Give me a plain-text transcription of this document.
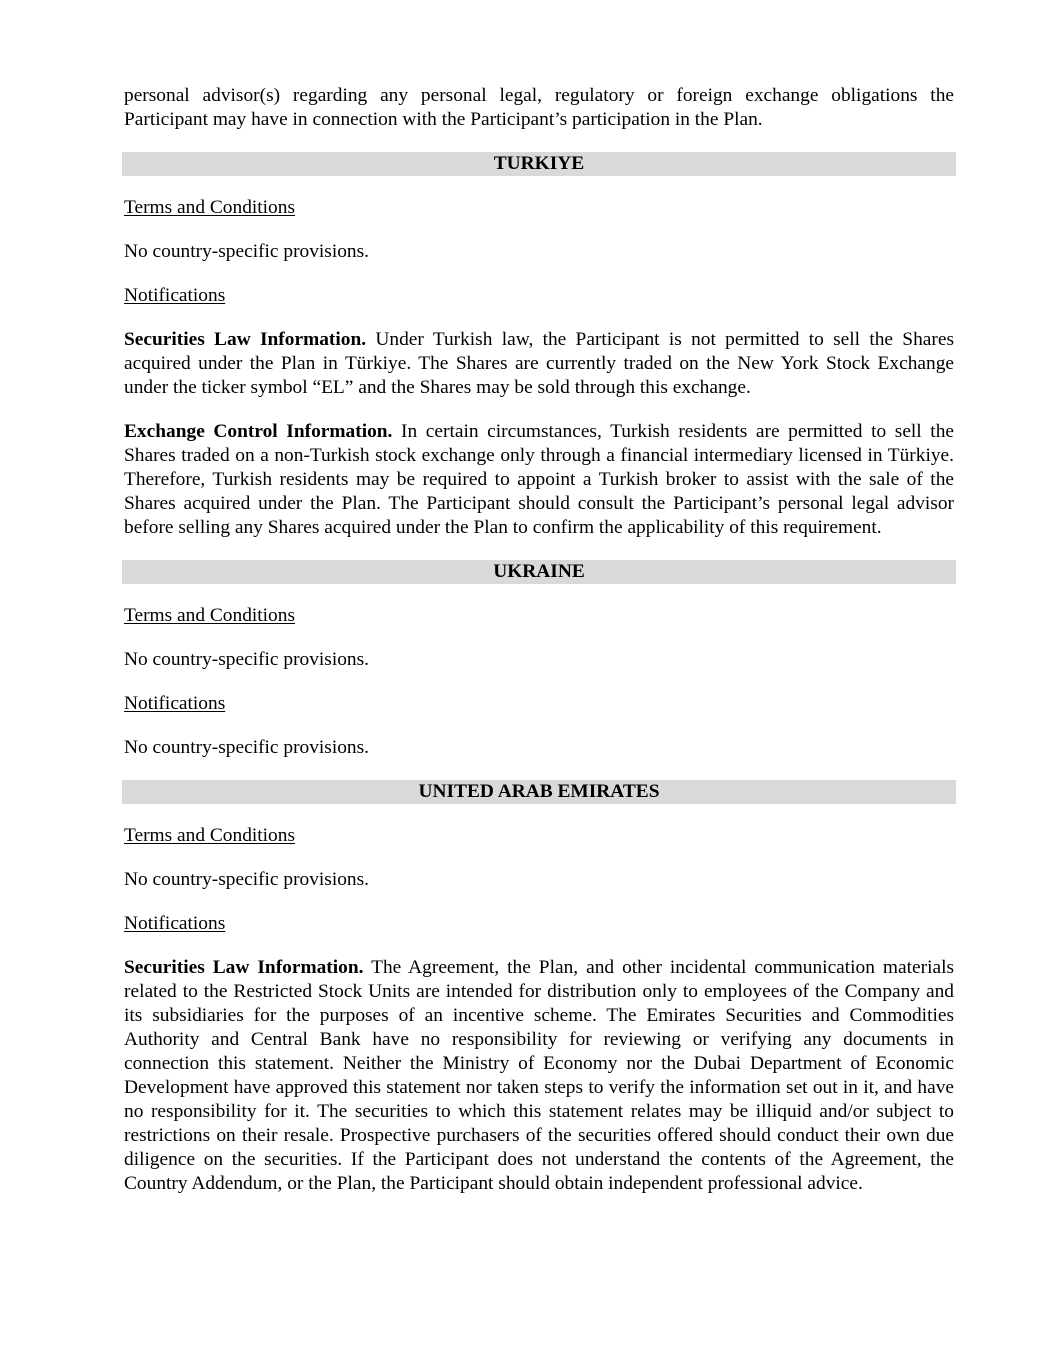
personal advisor(s) regarding any personal legal, regulatory or foreign exchange obligations the Participant may have in connection with the Participant’s participation in the Plan.

TURKIYE

Terms and Conditions

No country-specific provisions.

Notifications

Securities Law Information. Under Turkish law, the Participant is not permitted to sell the Shares acquired under the Plan in Türkiye. The Shares are currently traded on the New York Stock Exchange under the ticker symbol “EL” and the Shares may be sold through this exchange.

Exchange Control Information. In certain circumstances, Turkish residents are permitted to sell the Shares traded on a non-Turkish stock exchange only through a financial intermediary licensed in Türkiye. Therefore, Turkish residents may be required to appoint a Turkish broker to assist with the sale of the Shares acquired under the Plan. The Participant should consult the Participant’s personal legal advisor before selling any Shares acquired under the Plan to confirm the applicability of this requirement.

UKRAINE

Terms and Conditions

No country-specific provisions.

Notifications

No country-specific provisions.

UNITED ARAB EMIRATES

Terms and Conditions

No country-specific provisions.

Notifications

Securities Law Information. The Agreement, the Plan, and other incidental communication materials related to the Restricted Stock Units are intended for distribution only to employees of the Company and its subsidiaries for the purposes of an incentive scheme. The Emirates Securities and Commodities Authority and Central Bank have no responsibility for reviewing or verifying any documents in connection this statement. Neither the Ministry of Economy nor the Dubai Department of Economic Development have approved this statement nor taken steps to verify the information set out in it, and have no responsibility for it. The securities to which this statement relates may be illiquid and/or subject to restrictions on their resale. Prospective purchasers of the securities offered should conduct their own due diligence on the securities. If the Participant does not understand the contents of the Agreement, the Country Addendum, or the Plan, the Participant should obtain independent professional advice.
